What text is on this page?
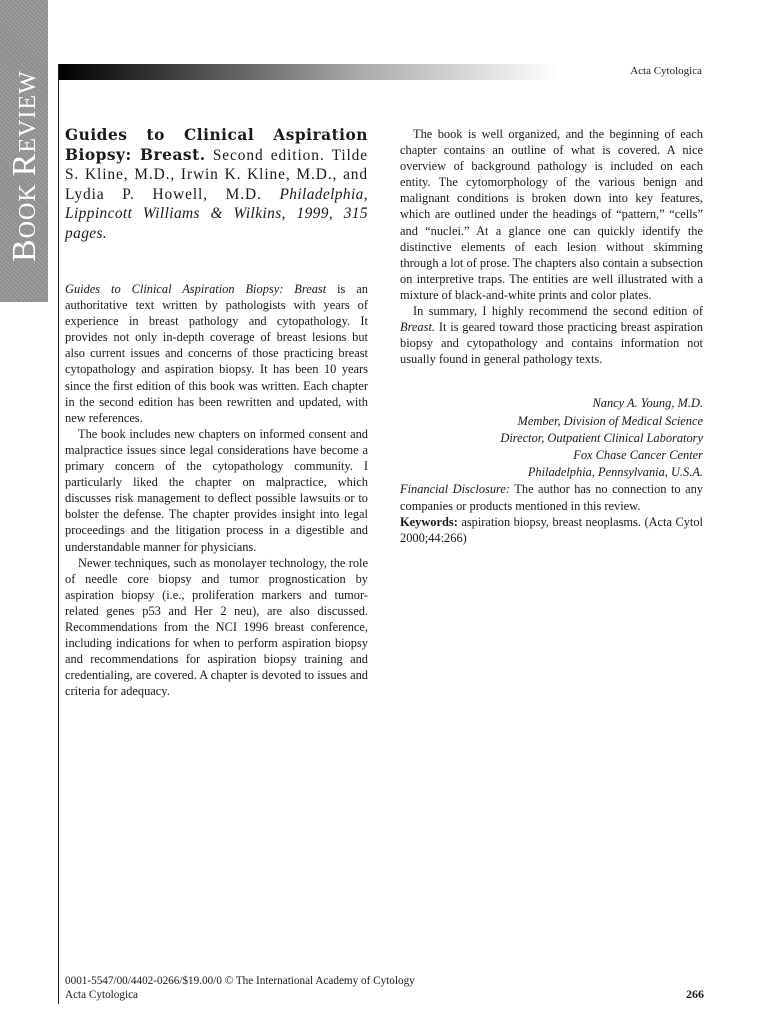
BOOK REVIEW	Acta Cytologica
Guides to Clinical Aspiration Biopsy: Breast. Second edition. Tilde S. Kline, M.D., Irwin K. Kline, M.D., and Lydia P. Howell, M.D. Philadelphia, Lippincott Williams & Wilkins, 1999, 315 pages.

Guides to Clinical Aspiration Biopsy: Breast is an authoritative text written by pathologists with years of experience in breast pathology and cytopathology. It provides not only in-depth coverage of breast lesions but also current issues and concerns of those practicing breast cytopathology and aspiration biopsy. It has been 10 years since the first edition of this book was written. Each chapter in the second edition has been rewritten and updated, with new references.

The book includes new chapters on informed consent and malpractice issues since legal considerations have become a primary concern of the cytopathology community. I particularly liked the chapter on malpractice, which discusses risk management to deflect possible lawsuits or to bolster the defense. The chapter provides insight into legal proceedings and the litigation process in a digestible and understandable manner for physicians.

Newer techniques, such as monolayer technology, the role of needle core biopsy and tumor prognostication by aspiration biopsy (i.e., proliferation markers and tumor-related genes p53 and Her 2 neu), are also discussed. Recommendations from the NCI 1996 breast conference, including indications for when to perform aspiration biopsy and recommendations for aspiration biopsy training and credentialing, are covered. A chapter is devoted to issues and criteria for adequacy.

The book is well organized, and the beginning of each chapter contains an outline of what is covered. A nice overview of background pathology is included on each entity. The cytomorphology of the various benign and malignant conditions is broken down into key features, which are outlined under the headings of “pattern,” “cells” and “nuclei.” At a glance one can quickly identify the distinctive elements of each lesion without skimming through a lot of prose. The chapters also contain a subsection on interpretive traps. The entities are well illustrated with a mixture of black-and-white prints and color plates.

In summary, I highly recommend the second edition of Breast. It is geared toward those practicing breast aspiration biopsy and cytopathology and contains information not usually found in general pathology texts.

Nancy A. Young, M.D.

Member, Division of Medical Science

Director, Outpatient Clinical Laboratory

Fox Chase Cancer Center

Philadelphia, Pennsylvania, U.S.A.

Financial Disclosure: The author has no connection to any companies or products mentioned in this review.

Keywords: aspiration biopsy, breast neoplasms. (Acta Cytol 2000;44:266)

0001-5547/00/4402-0266/$19.00/0 © The International Academy of Cytology
Acta Cytologica	266
